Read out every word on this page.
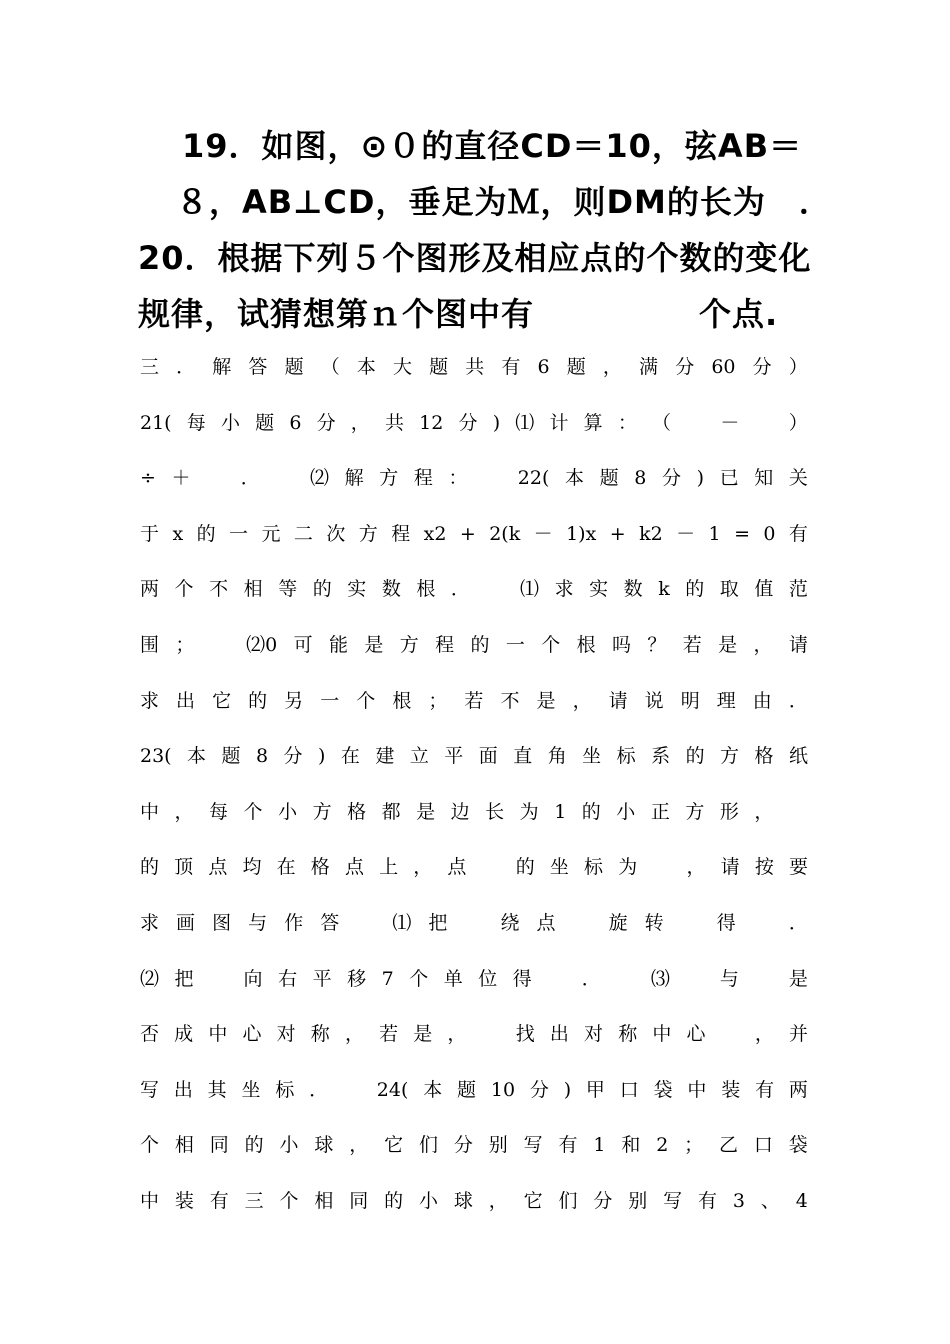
19．如图，⊙０的直径CD＝10，弦AB＝
８，AB⊥CD，垂足为Ｍ，则DM的长为　．
20．根据下列５个图形及相应点的个数的变化
规律，试猜想第ｎ个图中有　　　　　个点.
三 ． 解 答 题 （ 本 大 题 共 有 6 题 ， 满 分 60 分 ）
21( 每 小 题 6 分 ， 共 12 分 ) ⑴ 计 算 ： （
　	－
　	）
÷ ＋
　	．
　	⑵ 解 方 程 ：
　	22( 本 题 8 分 ) 已 知 关
于 x 的 一 元 二 次 方 程 x2 + 2(k － 1)x + k2 － 1 = 0 有
两 个 不 相 等 的 实 数 根 ．
　	⑴ 求 实 数 k 的 取 值 范
围 ；
　	⑵0 可 能 是 方 程 的 一 个 根 吗 ？ 若 是 ， 请
求 出 它 的 另 一 个 根 ； 若 不 是 ， 请 说 明 理 由 ．
23( 本 题 8 分 ) 在 建 立 平 面 直 角 坐 标 系 的 方 格 纸
中 ， 每 个 小 方 格 都 是 边 长 为 1 的 小 正 方 形 ，

的 顶 点 均 在 格 点 上 ， 点
　	的 坐 标 为
　	， 请 按 要
求 画 图 与 作 答
　	⑴ 把
　	绕 点
　	旋 转
　	得
　	．
⑵ 把
　	向 右 平 移 7 个 单 位 得
　	．
　	⑶
　	与
　	是
否 成 中 心 对 称 ， 若 是 ，
　	找 出 对 称 中 心
　	， 并
写 出 其 坐 标 ．
　	24( 本 题 10 分 ) 甲 口 袋 中 装 有 两
个 相 同 的 小 球 ， 它 们 分 别 写 有 1 和 2 ； 乙 口 袋
中 装 有 三 个 相 同 的 小 球 ， 它 们 分 别 写 有 3 、 4
